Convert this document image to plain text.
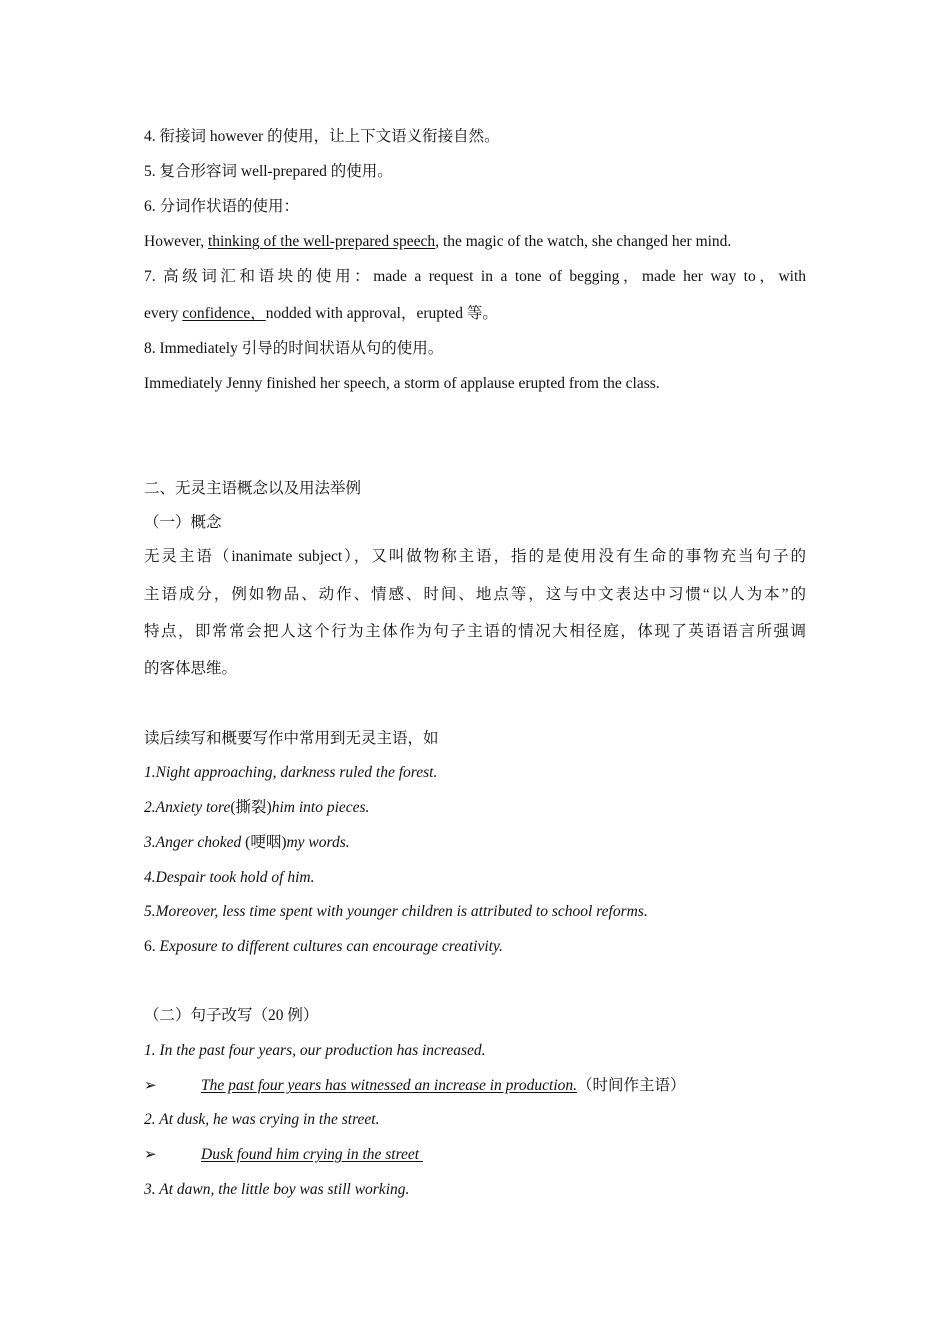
4. 衔接词 however 的使用，让上下文语义衔接自然。
5. 复合形容词 well-prepared 的使用。
6. 分词作状语的使用：
However, thinking of the well-prepared speech, the magic of the watch, she changed her mind.
7. 高级词汇和语块的使用：made a request in a tone of begging，made her way to，with
every confidence，nodded with approval，erupted 等。
8. Immediately 引导的时间状语从句的使用。
Immediately Jenny finished her speech, a storm of applause erupted from the class.
二、无灵主语概念以及用法举例
（一）概念
无灵主语（inanimate subject），又叫做物称主语，指的是使用没有生命的事物充当句子的
主语成分，例如物品、动作、情感、时间、地点等，这与中文表达中习惯“以人为本”的
特点，即常常会把人这个行为主体作为句子主语的情况大相径庭，体现了英语语言所强调
的客体思维。
读后续写和概要写作中常用到无灵主语，如
1.Night approaching, darkness ruled the forest.
2.Anxiety tore(撕裂)him into pieces.
3.Anger choked (哽咽)my words.
4.Despair took hold of him.
5.Moreover, less time spent with younger children is attributed to school reforms.
6. Exposure to different cultures can encourage creativity.
（二）句子改写（20 例）
1. In the past four years, our production has increased.
➢	The past four years has witnessed an increase in production.（时间作主语）
2. At dusk, he was crying in the street.
➢	Dusk found him crying in the street
3. At dawn, the little boy was still working.
